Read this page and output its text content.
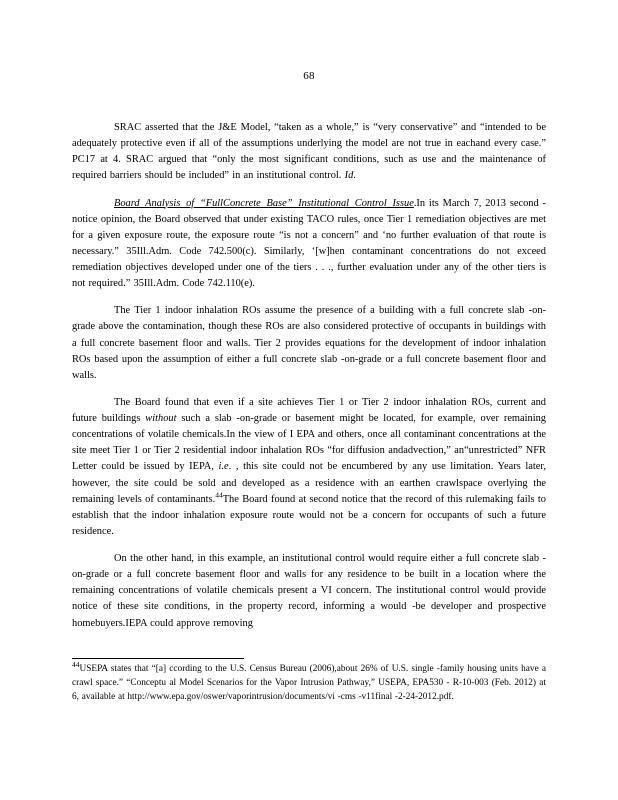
68

SRAC asserted that the J&E Model, “taken as a whole,” is “very conservative” and “intended to be adequately protective even if all of the assumptions underlying the model are not true in eachand every case.” PC17 at 4. SRAC argued that “only the most significant conditions, such as use and the maintenance of required barriers should be included” in an institutional control. Id.

Board Analysis of “FullConcrete Base” Institutional Control Issue.In its March 7, 2013 second -notice opinion, the Board observed that under existing TACO rules, once Tier 1 remediation objectives are met for a given exposure route, the exposure route “is not a concern” and ‘no further evaluation of that route is necessary.” 35Ill.Adm. Code 742.500(c). Similarly, ‘[w]hen contaminant concentrations do not exceed remediation objectives developed under one of the tiers . . ., further evaluation under any of the other tiers is not required.” 35Ill.Adm. Code 742.110(e).

The Tier 1 indoor inhalation ROs assume the presence of a building with a full concrete slab -on-grade above the contamination, though these ROs are also considered protective of occupants in buildings with a full concrete basement floor and walls. Tier 2 provides equations for the development of indoor inhalation ROs based upon the assumption of either a full concrete slab -on-grade or a full concrete basement floor and walls.

The Board found that even if a site achieves Tier 1 or Tier 2 indoor inhalation ROs, current and future buildings without such a slab -on-grade or basement might be located, for example, over remaining concentrations of volatile chemicals.In the view of I EPA and others, once all contaminant concentrations at the site meet Tier 1 or Tier 2 residential indoor inhalation ROs “for diffusion andadvection,” an“unrestricted” NFR Letter could be issued by IEPA, i.e. , this site could not be encumbered by any use limitation. Years later, however, the site could be sold and developed as a residence with an earthen crawlspace overlying the remaining levels of contaminants.$^{44}$The Board found at second notice that the record of this rulemaking fails to establish that the indoor inhalation exposure route would not be a concern for occupants of such a future residence.

On the other hand, in this example, an institutional control would require either a full concrete slab -on-grade or a full concrete basement floor and walls for any residence to be built in a location where the remaining concentrations of volatile chemicals present a VI concern. The institutional control would provide notice of these site conditions, in the property record, informing a would -be developer and prospective homebuyers.IEPA could approve removing

$^{44}$USEPA states that “[a] ccording to the U.S. Census Bureau (2006),about 26% of U.S. single -family housing units have a crawl space.” “Conceptu al Model Scenarios for the Vapor Intrusion Pathway,” USEPA, EPA530 - R-10-003 (Feb. 2012) at 6, available at http://www.epa.gov/oswer/vaporintrusion/documents/vi -cms -v11final -2-24-2012.pdf.
